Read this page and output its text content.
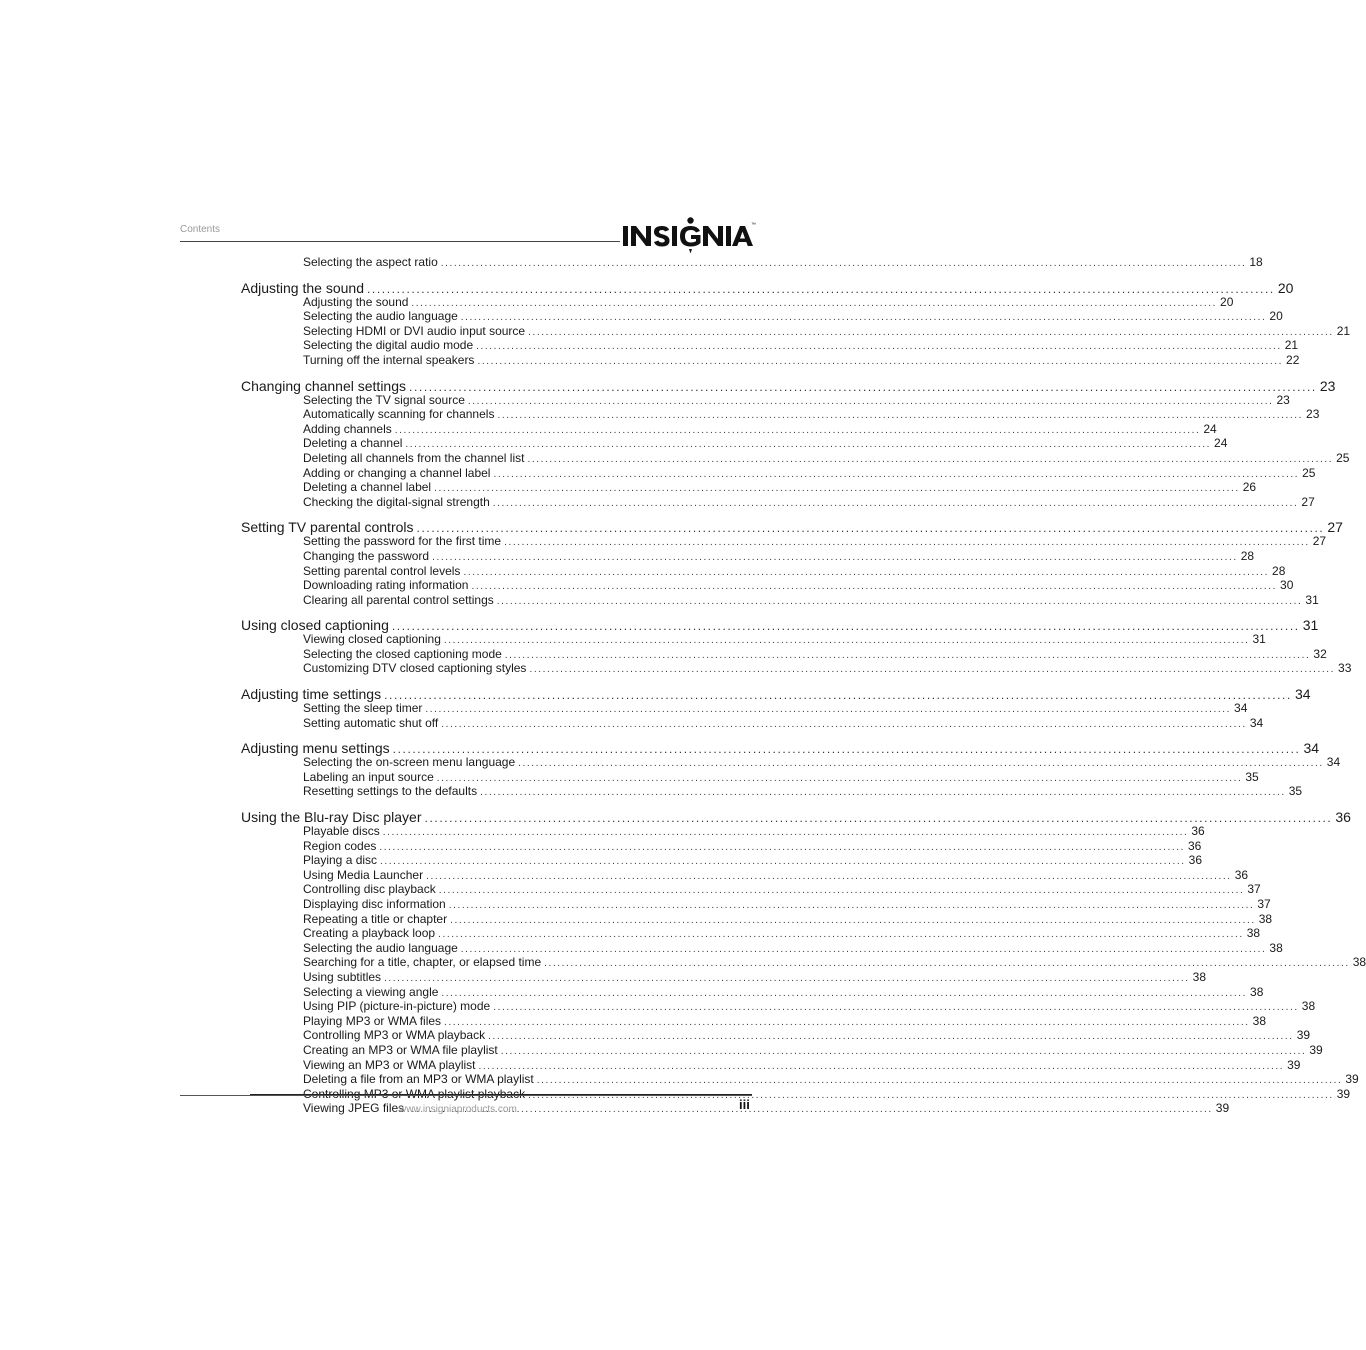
Contents	™
Selecting the aspect ratio .....	18
Adjusting the sound .....	20
Adjusting the sound .....	20
Selecting the audio language .....	20
Selecting HDMI or DVI audio input source .....	21
Selecting the digital audio mode .....	21
Turning off the internal speakers .....	22
Changing channel settings .....	23
Selecting the TV signal source .....	23
Automatically scanning for channels .....	23
Adding channels .....	24
Deleting a channel .....	24
Deleting all channels from the channel list .....	25
Adding or changing a channel label .....	25
Deleting a channel label .....	26
Checking the digital-signal strength .....	27
Setting TV parental controls .....	27
Setting the password for the first time .....	27
Changing the password .....	28
Setting parental control levels .....	28
Downloading rating information .....	30
Clearing all parental control settings .....	31
Using closed captioning .....	31
Viewing closed captioning .....	31
Selecting the closed captioning mode .....	32
Customizing DTV closed captioning styles .....	33
Adjusting time settings .....	34
Setting the sleep timer .....	34
Setting automatic shut off .....	34
Adjusting menu settings .....	34
Selecting the on-screen menu language .....	34
Labeling an input source .....	35
Resetting settings to the defaults .....	35
Using the Blu-ray Disc player .....	36
Playable discs .....	36
Region codes .....	36
Playing a disc .....	36
Using Media Launcher .....	36
Controlling disc playback .....	37
Displaying disc information .....	37
Repeating a title or chapter .....	38
Creating a playback loop .....	38
Selecting the audio language .....	38
Searching for a title, chapter, or elapsed time .....	38
Using subtitles .....	38
Selecting a viewing angle .....	38
Using PIP (picture-in-picture) mode .....	38
Playing MP3 or WMA files .....	38
Controlling MP3 or WMA playback .....	39
Creating an MP3 or WMA file playlist .....	39
Viewing an MP3 or WMA playlist .....	39
Deleting a file from an MP3 or WMA playlist .....	39
Controlling MP3 or WMA playlist playback .....	39
Viewing JPEG files .....	39
www.insigniaproducts.com	iii
